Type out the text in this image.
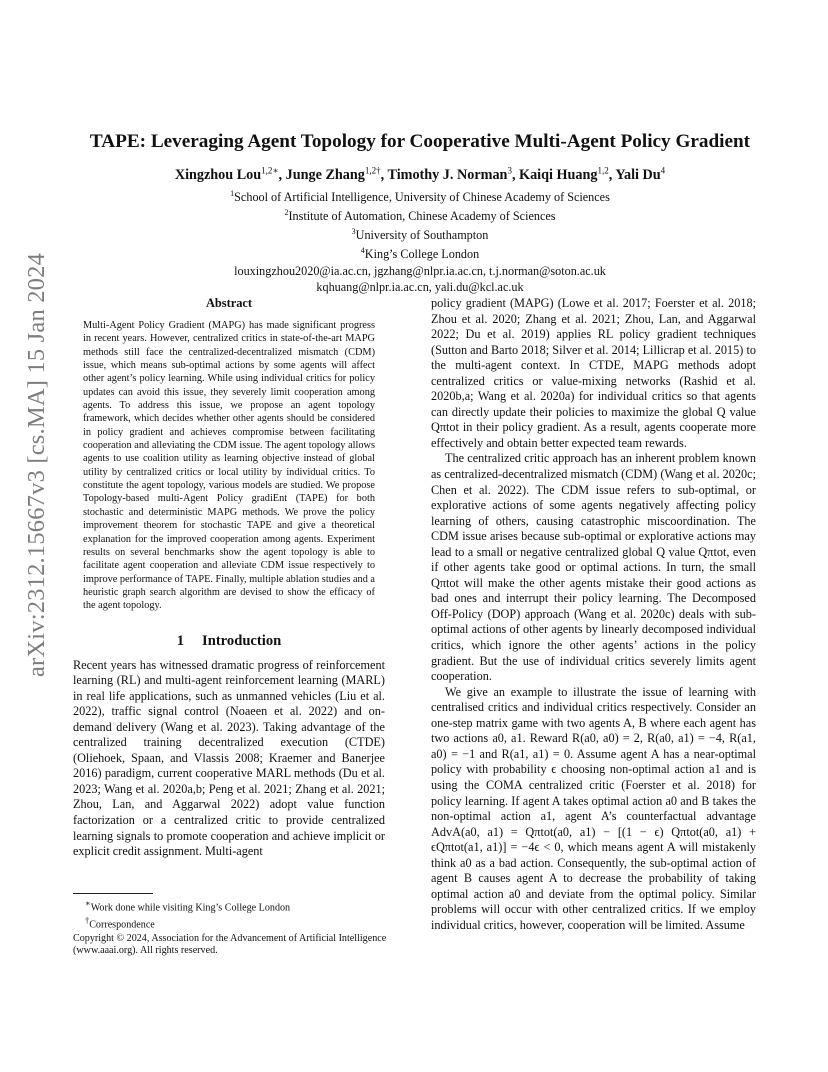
arXiv:2312.15667v3 [cs.MA] 15 Jan 2024
TAPE: Leveraging Agent Topology for Cooperative Multi-Agent Policy Gradient

Xingzhou Lou$^{1,2∗}$, Junge Zhang$^{1,2\dagger}$, Timothy J. Norman$^3$, Kaiqi Huang$^{1,2}$, Yali Du$^4$

$^1$School of Artificial Intelligence, University of Chinese Academy of Sciences
$^2$Institute of Automation, Chinese Academy of Sciences
$^3$University of Southampton
$^4$King’s College London
louxingzhou2020@ia.ac.cn, jgzhang@nlpr.ia.ac.cn, t.j.norman@soton.ac.uk
kqhuang@nlpr.ia.ac.cn, yali.du@kcl.ac.uk
Abstract

Multi-Agent Policy Gradient (MAPG) has made significant progress in recent years. However, centralized critics in state-of-the-art MAPG methods still face the centralized-decentralized mismatch (CDM) issue, which means sub-optimal actions by some agents will affect other agent’s policy learning. While using individual critics for policy updates can avoid this issue, they severely limit cooperation among agents. To address this issue, we propose an agent topology framework, which decides whether other agents should be considered in policy gradient and achieves compromise between facilitating cooperation and alleviating the CDM issue. The agent topology allows agents to use coalition utility as learning objective instead of global utility by centralized critics or local utility by individual critics. To constitute the agent topology, various models are studied. We propose Topology-based multi-Agent Policy gradiEnt (TAPE) for both stochastic and deterministic MAPG methods. We prove the policy improvement theorem for stochastic TAPE and give a theoretical explanation for the improved cooperation among agents. Experiment results on several benchmarks show the agent topology is able to facilitate agent cooperation and alleviate CDM issue respectively to improve performance of TAPE. Finally, multiple ablation studies and a heuristic graph search algorithm are devised to show the efficacy of the agent topology.

1 Introduction

Recent years has witnessed dramatic progress of reinforcement learning (RL) and multi-agent reinforcement learning (MARL) in real life applications, such as unmanned vehicles (Liu et al. 2022), traffic signal control (Noaeen et al. 2022) and on-demand delivery (Wang et al. 2023). Taking advantage of the centralized training decentralized execution (CTDE) (Oliehoek, Spaan, and Vlassis 2008; Kraemer and Banerjee 2016) paradigm, current cooperative MARL methods (Du et al. 2023; Wang et al. 2020a,b; Peng et al. 2021; Zhang et al. 2021; Zhou, Lan, and Aggarwal 2022) adopt value function factorization or a centralized critic to provide centralized learning signals to promote cooperation and achieve implicit or explicit credit assignment. Multi-agent

∗Work done while visiting King’s College London

†Correspondence

Copyright © 2024, Association for the Advancement of Artificial Intelligence (www.aaai.org). All rights reserved.

policy gradient (MAPG) (Lowe et al. 2017; Foerster et al. 2018; Zhou et al. 2020; Zhang et al. 2021; Zhou, Lan, and Aggarwal 2022; Du et al. 2019) applies RL policy gradient techniques (Sutton and Barto 2018; Silver et al. 2014; Lillicrap et al. 2015) to the multi-agent context. In CTDE, MAPG methods adopt centralized critics or value-mixing networks (Rashid et al. 2020b,a; Wang et al. 2020a) for individual critics so that agents can directly update their policies to maximize the global Q value Qπtot in their policy gradient. As a result, agents cooperate more effectively and obtain better expected team rewards.

The centralized critic approach has an inherent problem known as centralized-decentralized mismatch (CDM) (Wang et al. 2020c; Chen et al. 2022). The CDM issue refers to sub-optimal, or explorative actions of some agents negatively affecting policy learning of others, causing catastrophic miscoordination. The CDM issue arises because sub-optimal or explorative actions may lead to a small or negative centralized global Q value Qπtot, even if other agents take good or optimal actions. In turn, the small Qπtot will make the other agents mistake their good actions as bad ones and interrupt their policy learning. The Decomposed Off-Policy (DOP) approach (Wang et al. 2020c) deals with sub-optimal actions of other agents by linearly decomposed individual critics, which ignore the other agents’ actions in the policy gradient. But the use of individual critics severely limits agent cooperation.

We give an example to illustrate the issue of learning with centralised critics and individual critics respectively. Consider an one-step matrix game with two agents A, B where each agent has two actions a0, a1. Reward R(a0, a0) = 2, R(a0, a1) = −4, R(a1, a0) = −1 and R(a1, a1) = 0. Assume agent A has a near-optimal policy with probability ϵ choosing non-optimal action a1 and is using the COMA centralized critic (Foerster et al. 2018) for policy learning. If agent A takes optimal action a0 and B takes the non-optimal action a1, agent A’s counterfactual advantage AdvA(a0, a1) = Qπtot(a0, a1) − [(1 − ϵ) Qπtot(a0, a1) + ϵQπtot(a1, a1)] = −4ϵ < 0, which means agent A will mistakenly think a0 as a bad action. Consequently, the sub-optimal action of agent B causes agent A to decrease the probability of taking optimal action a0 and deviate from the optimal policy. Similar problems will occur with other centralized critics. If we employ individual critics, however, cooperation will be limited. Assume
